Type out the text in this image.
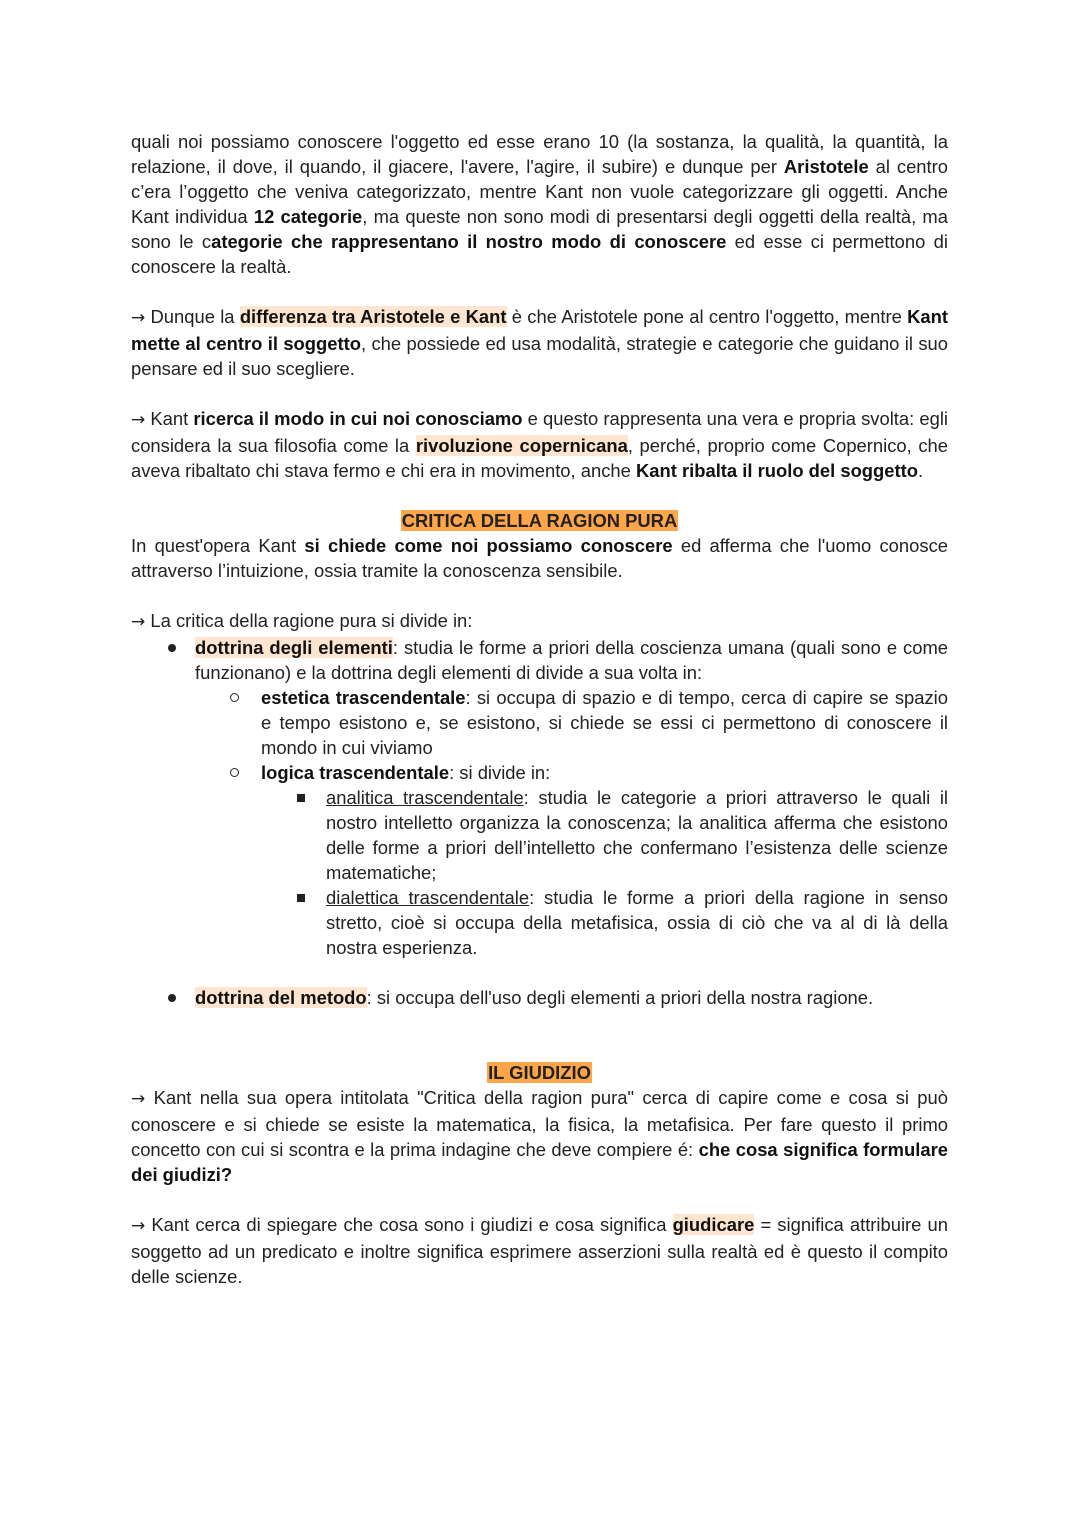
quali noi possiamo conoscere l'oggetto ed esse erano 10 (la sostanza, la qualità, la quantità, la relazione, il dove, il quando, il giacere, l'avere, l'agire, il subire) e dunque per Aristotele al centro c’era l’oggetto che veniva categorizzato, mentre Kant non vuole categorizzare gli oggetti. Anche Kant individua 12 categorie, ma queste non sono modi di presentarsi degli oggetti della realtà, ma sono le categorie che rappresentano il nostro modo di conoscere ed esse ci permettono di conoscere la realtà.

→ Dunque la differenza tra Aristotele e Kant è che Aristotele pone al centro l'oggetto, mentre Kant mette al centro il soggetto, che possiede ed usa modalità, strategie e categorie che guidano il suo pensare ed il suo scegliere.

→ Kant ricerca il modo in cui noi conosciamo e questo rappresenta una vera e propria svolta: egli considera la sua filosofia come la rivoluzione copernicana, perché, proprio come Copernico, che aveva ribaltato chi stava fermo e chi era in movimento, anche Kant ribalta il ruolo del soggetto.

CRITICA DELLA RAGION PURA

In quest'opera Kant si chiede come noi possiamo conoscere ed afferma che l'uomo conosce attraverso l’intuizione, ossia tramite la conoscenza sensibile.

→ La critica della ragione pura si divide in:

dottrina degli elementi: studia le forme a priori della coscienza umana (quali sono e come funzionano) e la dottrina degli elementi di divide a sua volta in:
estetica trascendentale: si occupa di spazio e di tempo, cerca di capire se spazio e tempo esistono e, se esistono, si chiede se essi ci permettono di conoscere il mondo in cui viviamo
logica trascendentale: si divide in:
analitica trascendentale: studia le categorie a priori attraverso le quali il nostro intelletto organizza la conoscenza; la analitica afferma che esistono delle forme a priori dell’intelletto che confermano l’esistenza delle scienze matematiche;
dialettica trascendentale: studia le forme a priori della ragione in senso stretto, cioè si occupa della metafisica, ossia di ciò che va al di là della nostra esperienza.
dottrina del metodo: si occupa dell'uso degli elementi a priori della nostra ragione.

IL GIUDIZIO

→ Kant nella sua opera intitolata "Critica della ragion pura" cerca di capire come e cosa si può conoscere e si chiede se esiste la matematica, la fisica, la metafisica. Per fare questo il primo concetto con cui si scontra e la prima indagine che deve compiere é: che cosa significa formulare dei giudizi?

→ Kant cerca di spiegare che cosa sono i giudizi e cosa significa giudicare = significa attribuire un soggetto ad un predicato e inoltre significa esprimere asserzioni sulla realtà ed è questo il compito delle scienze.
